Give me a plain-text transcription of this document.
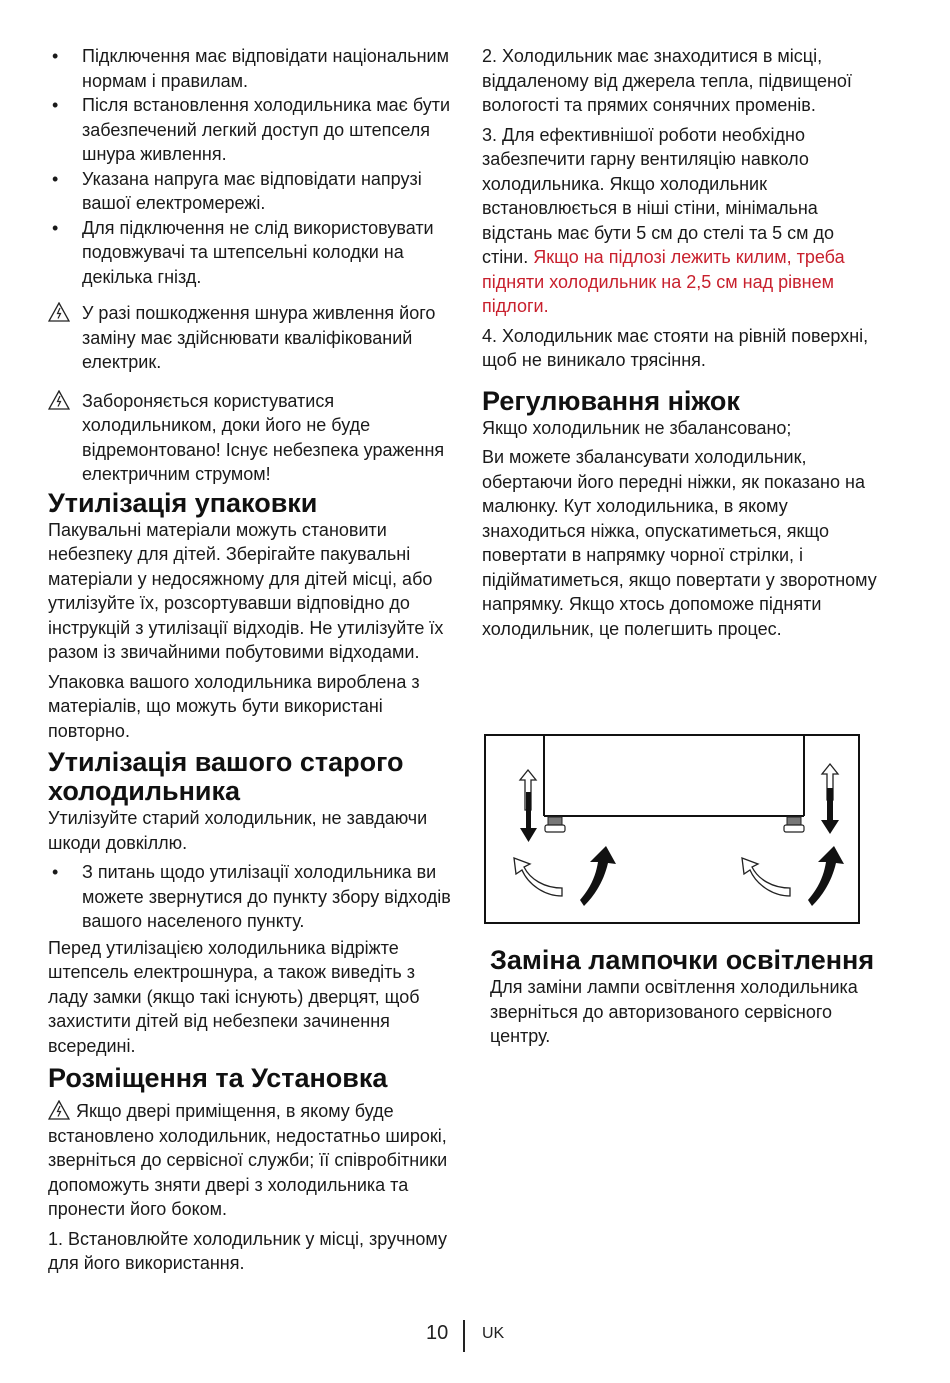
• Підключення має відповідати національним нормам і правилам.
• Після встановлення холодильника має бути забезпечений легкий доступ до штепселя шнура живлення.
• Указана напруга має відповідати напрузі вашої електромережі.
• Для підключення не слід використовувати подовжувачі та штепсельні колодки на декілька гнізд.
У разі пошкодження шнура живлення його заміну має здійснювати кваліфікований електрик.
Забороняється користуватися холодильником, доки його не буде відремонтовано! Існує небезпека ураження електричним струмом!
Утилізація упаковки

Пакувальні матеріали можуть становити небезпеку для дітей. Зберігайте пакувальні матеріали у недосяжному для дітей місці, або утилізуйте їх, розсортувавши відповідно до інструкцій з утилізації відходів. Не утилізуйте їх разом із звичайними побутовими відходами.

Упаковка вашого холодильника вироблена з матеріалів, що можуть бути використані повторно.

Утилізація вашого старого холодильника

Утилізуйте старий холодильник, не завдаючи шкоди довкіллю.

• З питань щодо утилізації холодильника ви можете звернутися до пункту збору відходів вашого населеного пункту.

Перед утилізацією холодильника відріжте штепсель електрошнура, а також виведіть з ладу замки (якщо такі існують) дверцят, щоб захистити дітей від небезпеки зачинення всередині.

Розміщення та Установка

Якщо двері приміщення, в якому буде встановлено холодильник, недостатньо широкі, зверніться до сервісної служби; її співробітники допоможуть зняти двері з холодильника та пронести його боком.

1. Встановлюйте холодильник у місці, зручному для його використання.

2. Холодильник має знаходитися в місці, віддаленому від джерела тепла, підвищеної вологості та прямих сонячних променів.

3. Для ефективнішої роботи необхідно забезпечити гарну вентиляцію навколо холодильника. Якщо холодильник встановлюється в ніші стіни, мінімальна відстань має бути 5 см до стелі та 5 см до стіни. Якщо на підлозі лежить килим, треба підняти холодильник на 2,5 см над рівнем підлоги.

4. Холодильник має стояти на рівній поверхні, щоб не виникало трясіння.

Регулювання ніжок

Якщо холодильник не збалансовано;

Ви можете збалансувати холодильник, обертаючи його передні ніжки, як показано на малюнку. Кут холодильника, в якому знаходиться ніжка, опускатиметься, якщо повертати в напрямку чорної стрілки, і підійматиметься, якщо повертати у зворотному напрямку. Якщо хтось допоможе підняти холодильник, це полегшить процес.

Заміна лампочки освітлення

Для заміни лампи освітлення холодильника зверніться до авторизованого сервісного центру.

10 UK
